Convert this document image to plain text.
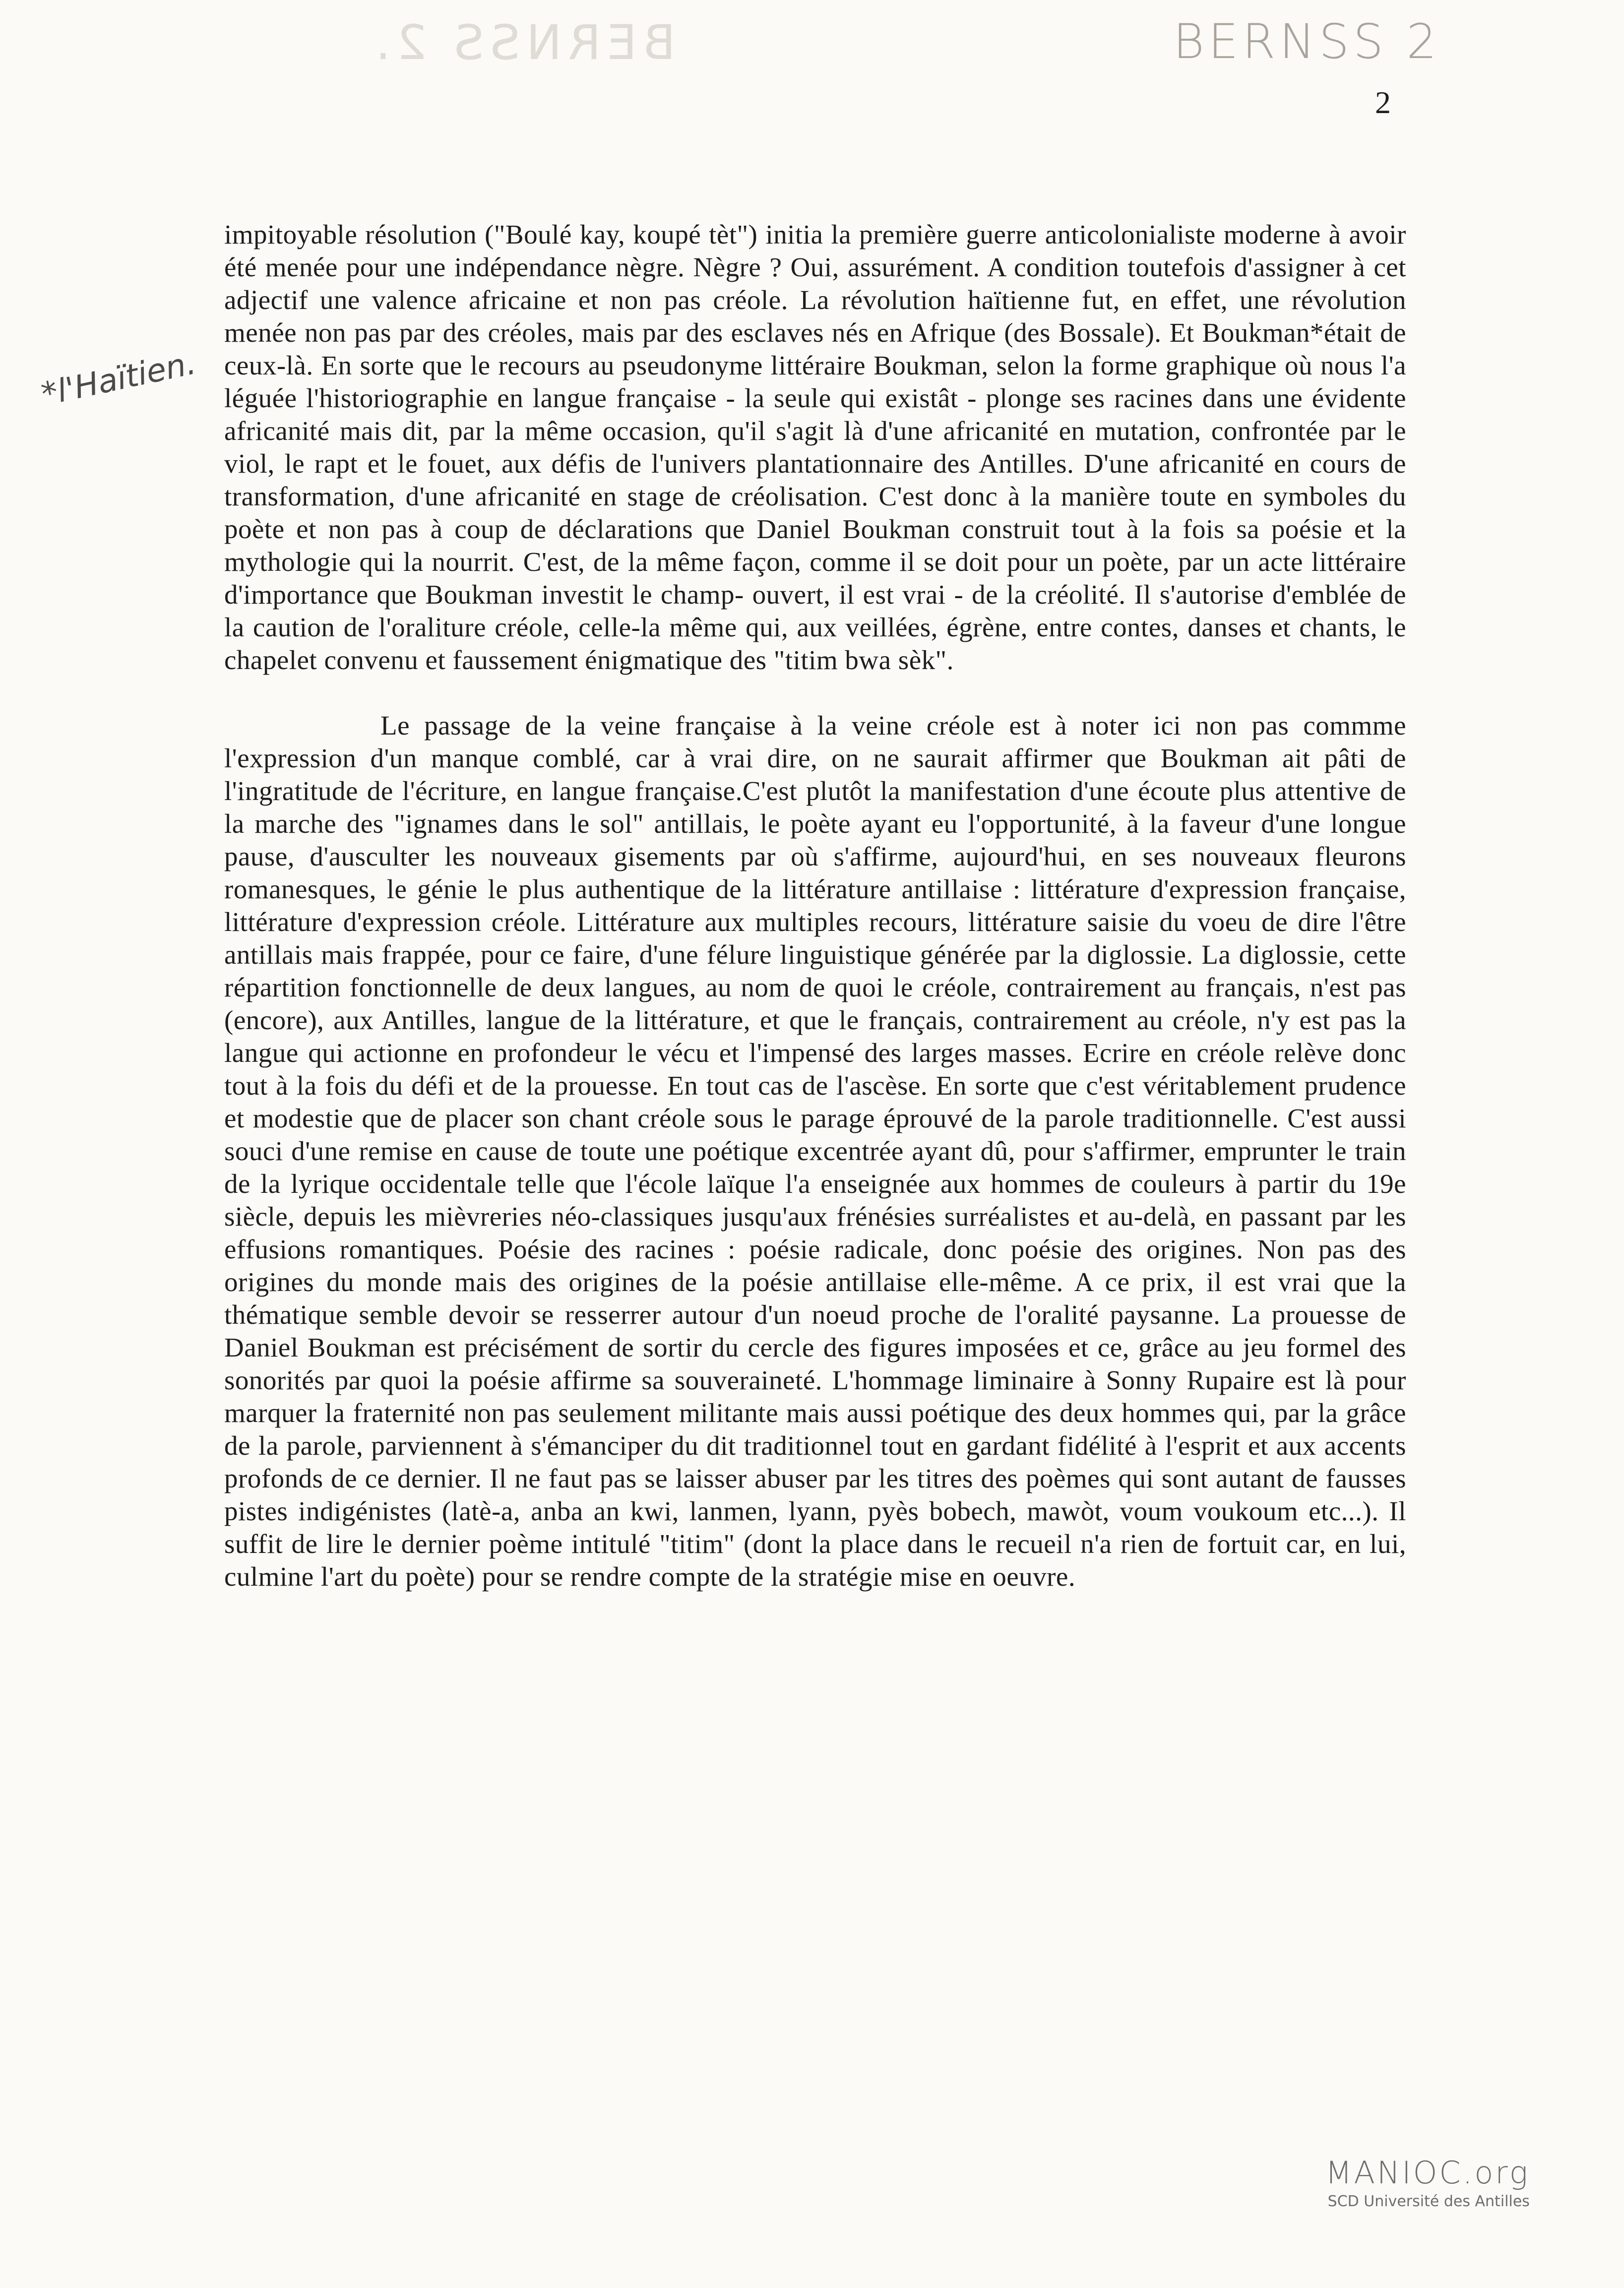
BERNSS 2.	BERNSS 2
2
*l'Haïtien.

impitoyable résolution ("Boulé kay, koupé tèt") initia la première guerre anticolonialiste moderne à avoir été menée pour une indépendance nègre. Nègre ? Oui, assurément. A condition toutefois d'assigner à cet adjectif une valence africaine et non pas créole. La révolution haïtienne fut, en effet, une révolution menée non pas par des créoles, mais par des esclaves nés en Afrique (des Bossale). Et Boukman*était de ceux-là. En sorte que le recours au pseudonyme littéraire Boukman, selon la forme graphique où nous l'a léguée l'historiographie en langue française - la seule qui existât - plonge ses racines dans une évidente africanité mais dit, par la même occasion, qu'il s'agit là d'une africanité en mutation, confrontée par le viol, le rapt et le fouet, aux défis de l'univers plantationnaire des Antilles. D'une africanité en cours de transformation, d'une africanité en stage de créolisation. C'est donc à la manière toute en symboles du poète et non pas à coup de déclarations que Daniel Boukman construit tout à la fois sa poésie et la mythologie qui la nourrit. C'est, de la même façon, comme il se doit pour un poète, par un acte littéraire d'importance que Boukman investit le champ- ouvert, il est vrai - de la créolité. Il s'autorise d'emblée de la caution de l'oraliture créole, celle-la même qui, aux veillées, égrène, entre contes, danses et chants, le chapelet convenu et faussement énigmatique des "titim bwa sèk".

Le passage de la veine française à la veine créole est à noter ici non pas commme l'expression d'un manque comblé, car à vrai dire, on ne saurait affirmer que Boukman ait pâti de l'ingratitude de l'écriture, en langue française.C'est plutôt la manifestation d'une écoute plus attentive de la marche des "ignames dans le sol" antillais, le poète ayant eu l'opportunité, à la faveur d'une longue pause, d'ausculter les nouveaux gisements par où s'affirme, aujourd'hui, en ses nouveaux fleurons romanesques, le génie le plus authentique de la littérature antillaise : littérature d'expression française, littérature d'expression créole. Littérature aux multiples recours, littérature saisie du voeu de dire l'être antillais mais frappée, pour ce faire, d'une félure linguistique générée par la diglossie. La diglossie, cette répartition fonctionnelle de deux langues, au nom de quoi le créole, contrairement au français, n'est pas (encore), aux Antilles, langue de la littérature, et que le français, contrairement au créole, n'y est pas la langue qui actionne en profondeur le vécu et l'impensé des larges masses. Ecrire en créole relève donc tout à la fois du défi et de la prouesse. En tout cas de l'ascèse. En sorte que c'est véritablement prudence et modestie que de placer son chant créole sous le parage éprouvé de la parole traditionnelle. C'est aussi souci d'une remise en cause de toute une poétique excentrée ayant dû, pour s'affirmer, emprunter le train de la lyrique occidentale telle que l'école laïque l'a enseignée aux hommes de couleurs à partir du 19e siècle, depuis les mièvreries néo-classiques jusqu'aux frénésies surréalistes et au-delà, en passant par les effusions romantiques. Poésie des racines : poésie radicale, donc poésie des origines. Non pas des origines du monde mais des origines de la poésie antillaise elle-même. A ce prix, il est vrai que la thématique semble devoir se resserrer autour d'un noeud proche de l'oralité paysanne. La prouesse de Daniel Boukman est précisément de sortir du cercle des figures imposées et ce, grâce au jeu formel des sonorités par quoi la poésie affirme sa souveraineté. L'hommage liminaire à Sonny Rupaire est là pour marquer la fraternité non pas seulement militante mais aussi poétique des deux hommes qui, par la grâce de la parole, parviennent à s'émanciper du dit traditionnel tout en gardant fidélité à l'esprit et aux accents profonds de ce dernier. Il ne faut pas se laisser abuser par les titres des poèmes qui sont autant de fausses pistes indigénistes (latè-a, anba an kwi, lanmen, lyann, pyès bobech, mawòt, voum voukoum etc...). Il suffit de lire le dernier poème intitulé "titim" (dont la place dans le recueil n'a rien de fortuit car, en lui, culmine l'art du poète) pour se rendre compte de la stratégie mise en oeuvre.

MANIOC.org
SCD Université des Antilles
